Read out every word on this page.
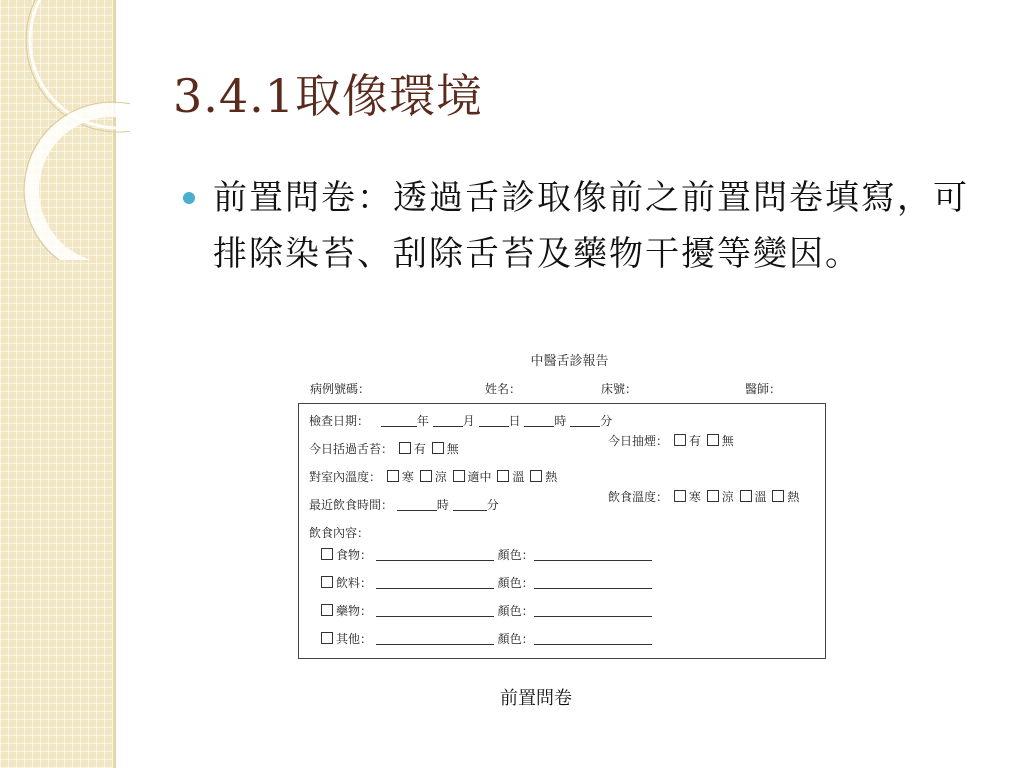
3.4.1取像環境
前置問卷：透過舌診取像前之前置問卷填寫，可排除染苔、刮除舌苔及藥物干擾等變因。
中醫舌診報告
病例號碼：	姓名：	床號：	醫師：
檢查日期：	年	月	日	時	分
今日括過舌苔： 有 無
今日抽煙： 有 無
對室內溫度： 寒 涼 適中 溫 熱
最近飲食時間：	時	分
飲食溫度： 寒 涼 溫 熱
飲食內容：
食物：	顏色：
飲料：	顏色：
藥物：	顏色：
其他：	顏色：
前置問卷
